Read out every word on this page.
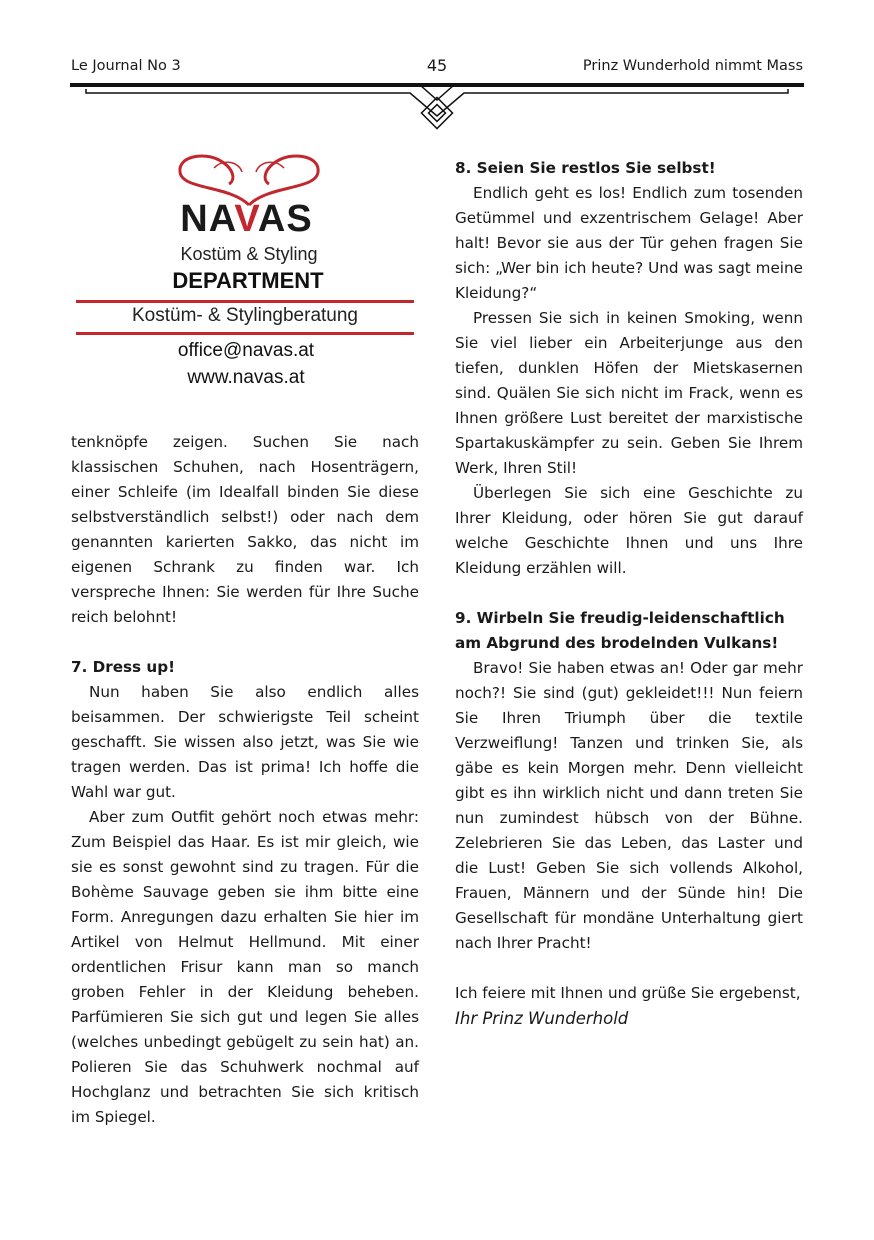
Le Journal No 3	45	Prinz Wunderhold nimmt Mass
NAVAS
Kostüm & Styling
DEPARTMENT
Kostüm- & Stylingberatung
office@navas.at
www.navas.at

tenknöpfe zeigen. Suchen Sie nach klassischen Schuhen, nach Hosenträgern, einer Schleife (im Idealfall binden Sie diese selbstverständlich selbst!) oder nach dem genannten karierten Sakko, das nicht im eigenen Schrank zu finden war. Ich verspreche Ihnen: Sie werden für Ihre Suche reich belohnt!

7. Dress up!

Nun haben Sie also endlich alles beisammen. Der schwierigste Teil scheint geschafft. Sie wissen also jetzt, was Sie wie tragen werden. Das ist prima! Ich hoffe die Wahl war gut.

Aber zum Outfit gehört noch etwas mehr: Zum Beispiel das Haar. Es ist mir gleich, wie sie es sonst gewohnt sind zu tragen. Für die Bohème Sauvage geben sie ihm bitte eine Form. Anregungen dazu erhalten Sie hier im Artikel von Helmut Hellmund. Mit einer ordentlichen Frisur kann man so manch groben Fehler in der Kleidung beheben. Parfümieren Sie sich gut und legen Sie alles (welches unbedingt gebügelt zu sein hat) an. Polieren Sie das Schuhwerk nochmal auf Hochglanz und betrachten Sie sich kritisch im Spiegel.

8. Seien Sie restlos Sie selbst!

Endlich geht es los! Endlich zum tosenden Getümmel und exzentrischem Gelage! Aber halt! Bevor sie aus der Tür gehen fragen Sie sich: „Wer bin ich heute? Und was sagt meine Kleidung?“

Pressen Sie sich in keinen Smoking, wenn Sie viel lieber ein Arbeiterjunge aus den tiefen, dunklen Höfen der Mietskasernen sind. Quälen Sie sich nicht im Frack, wenn es Ihnen größere Lust bereitet der marxistische Spartakuskämpfer zu sein. Geben Sie Ihrem Werk, Ihren Stil!

Überlegen Sie sich eine Geschichte zu Ihrer Kleidung, oder hören Sie gut darauf welche Geschichte Ihnen und uns Ihre Kleidung erzählen will.

9. Wirbeln Sie freudig-leidenschaftlich am Abgrund des brodelnden Vulkans!

Bravo! Sie haben etwas an! Oder gar mehr noch?! Sie sind (gut) gekleidet!!! Nun feiern Sie Ihren Triumph über die textile Verzweiflung! Tanzen und trinken Sie, als gäbe es kein Morgen mehr. Denn vielleicht gibt es ihn wirklich nicht und dann treten Sie nun zumindest hübsch von der Bühne. Zelebrieren Sie das Leben, das Laster und die Lust! Geben Sie sich vollends Alkohol, Frauen, Männern und der Sünde hin! Die Gesellschaft für mondäne Unterhaltung giert nach Ihrer Pracht!

Ich feiere mit Ihnen und grüße Sie ergebenst,

Ihr Prinz Wunderhold
